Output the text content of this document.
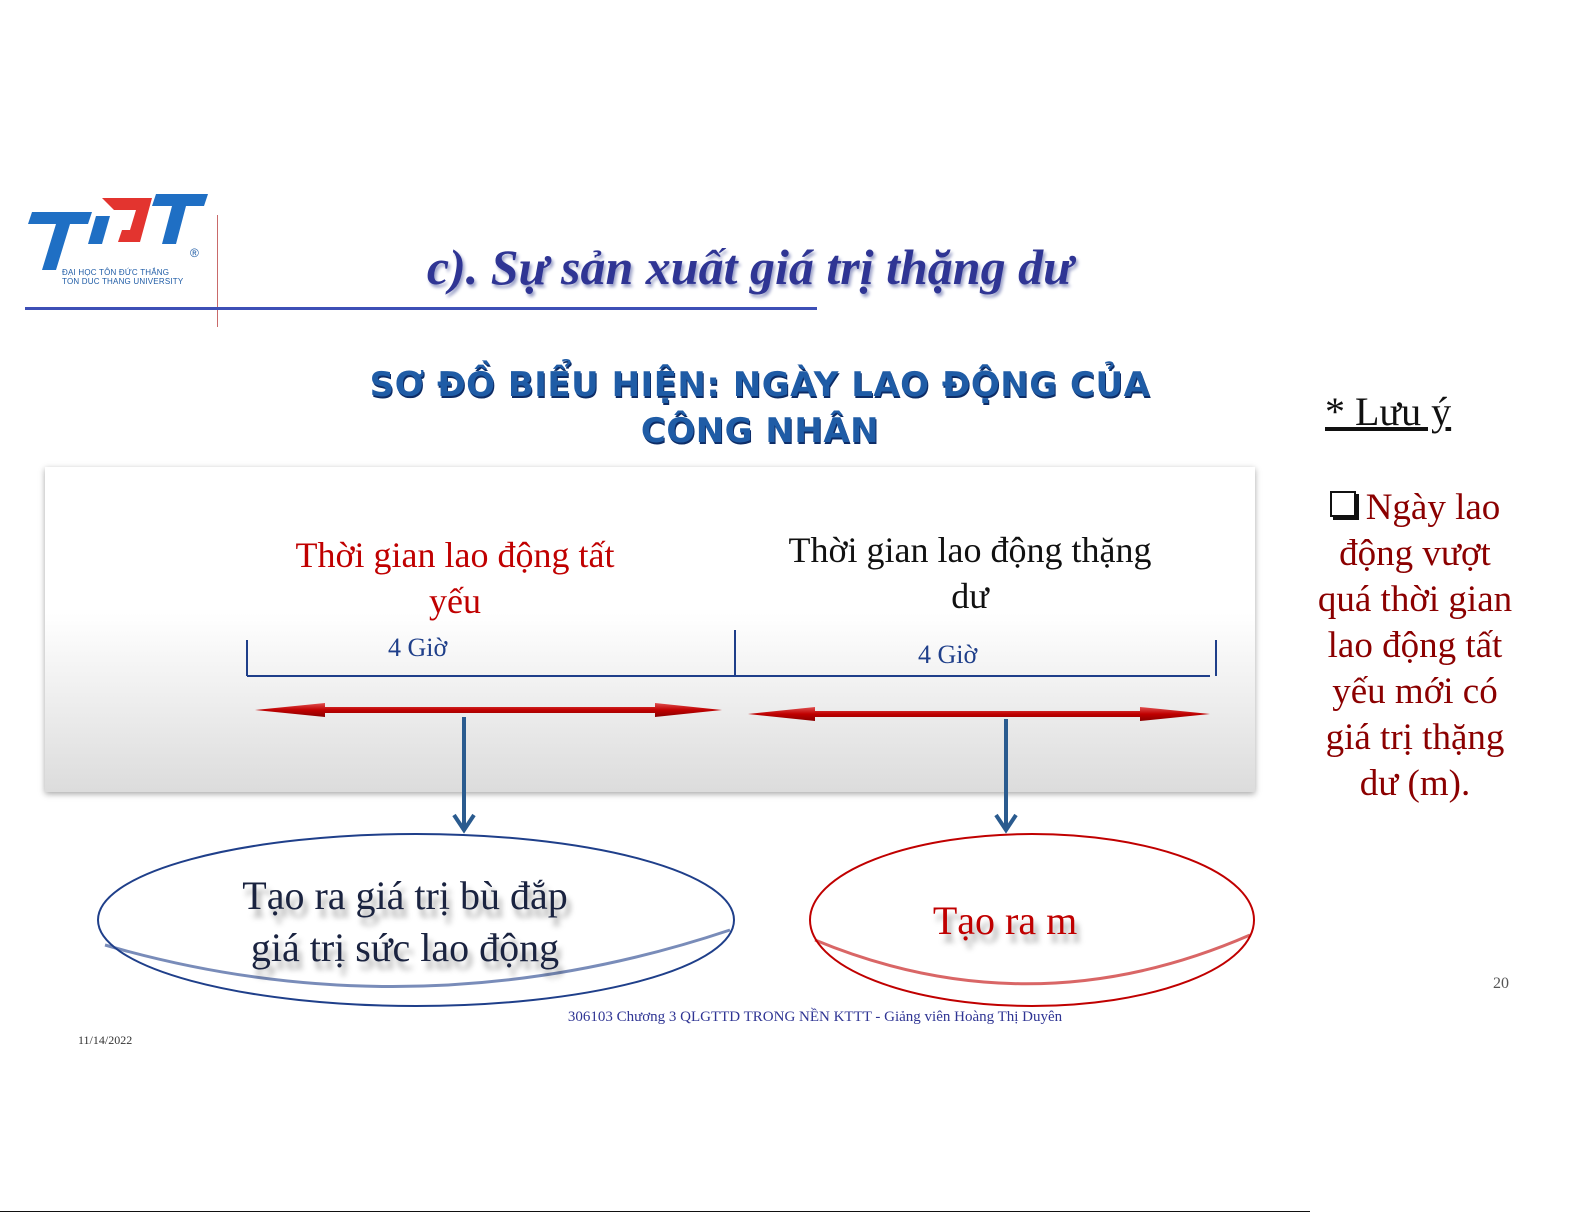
®
ĐẠI HỌC TÔN ĐỨC THẮNG
TON DUC THANG UNIVERSITY	c). Sự sản xuất giá trị thặng dư
SƠ ĐỒ BIỂU HIỆN: NGÀY LAO ĐỘNG CỦA
CÔNG NHÂN
Thời gian lao động tất
yếu
Thời gian lao động thặng
dư
4 Giờ	4 Giờ
Tạo ra giá trị bù đắp
giá trị sức lao động
Tạo ra m
* Lưu ý
Ngày lao
động vượt
quá thời gian
lao động tất
yếu mới có
giá trị thặng
dư (m).
20
306103 Chương 3 QLGTTD TRONG NỀN KTTT - Giảng viên Hoàng Thị Duyên
11/14/2022
